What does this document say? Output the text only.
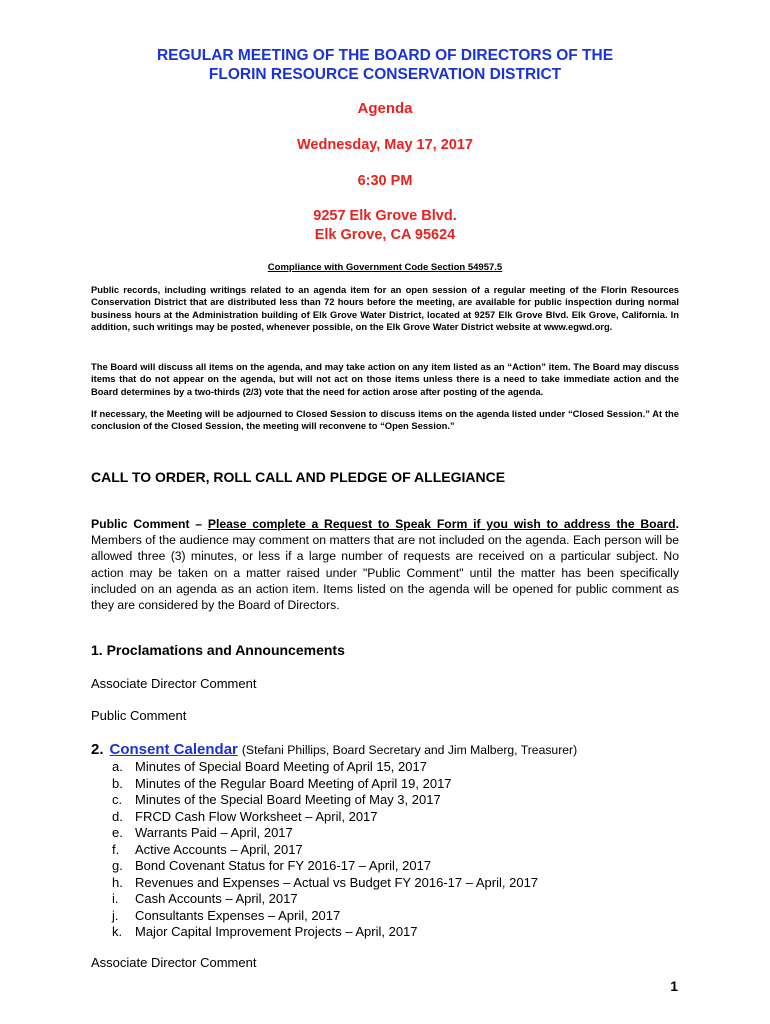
REGULAR MEETING OF THE BOARD OF DIRECTORS OF THE
FLORIN RESOURCE CONSERVATION DISTRICT
Agenda
Wednesday, May 17, 2017
6:30 PM
9257 Elk Grove Blvd.
Elk Grove, CA 95624
Compliance with Government Code Section 54957.5
Public records, including writings related to an agenda item for an open session of a regular meeting of the Florin Resources Conservation District that are distributed less than 72 hours before the meeting, are available for public inspection during normal business hours at the Administration building of Elk Grove Water District, located at 9257 Elk Grove Blvd. Elk Grove, California. In addition, such writings may be posted, whenever possible, on the Elk Grove Water District website at www.egwd.org.
The Board will discuss all items on the agenda, and may take action on any item listed as an “Action” item. The Board may discuss items that do not appear on the agenda, but will not act on those items unless there is a need to take immediate action and the Board determines by a two-thirds (2/3) vote that the need for action arose after posting of the agenda.
If necessary, the Meeting will be adjourned to Closed Session to discuss items on the agenda listed under “Closed Session.” At the conclusion of the Closed Session, the meeting will reconvene to “Open Session.”
CALL TO ORDER, ROLL CALL AND PLEDGE OF ALLEGIANCE
Public Comment – Please complete a Request to Speak Form if you wish to address the Board. Members of the audience may comment on matters that are not included on the agenda. Each person will be allowed three (3) minutes, or less if a large number of requests are received on a particular subject. No action may be taken on a matter raised under "Public Comment" until the matter has been specifically included on an agenda as an action item. Items listed on the agenda will be opened for public comment as they are considered by the Board of Directors.
1. Proclamations and Announcements
Associate Director Comment
Public Comment
2. Consent Calendar (Stefani Phillips, Board Secretary and Jim Malberg, Treasurer)
a. Minutes of Special Board Meeting of April 15, 2017
b. Minutes of the Regular Board Meeting of April 19, 2017
c. Minutes of the Special Board Meeting of May 3, 2017
d. FRCD Cash Flow Worksheet – April, 2017
e. Warrants Paid – April, 2017
f. Active Accounts – April, 2017
g. Bond Covenant Status for FY 2016-17 – April, 2017
h. Revenues and Expenses – Actual vs Budget FY 2016-17 – April, 2017
i. Cash Accounts – April, 2017
j. Consultants Expenses – April, 2017
k. Major Capital Improvement Projects – April, 2017
Associate Director Comment
1
